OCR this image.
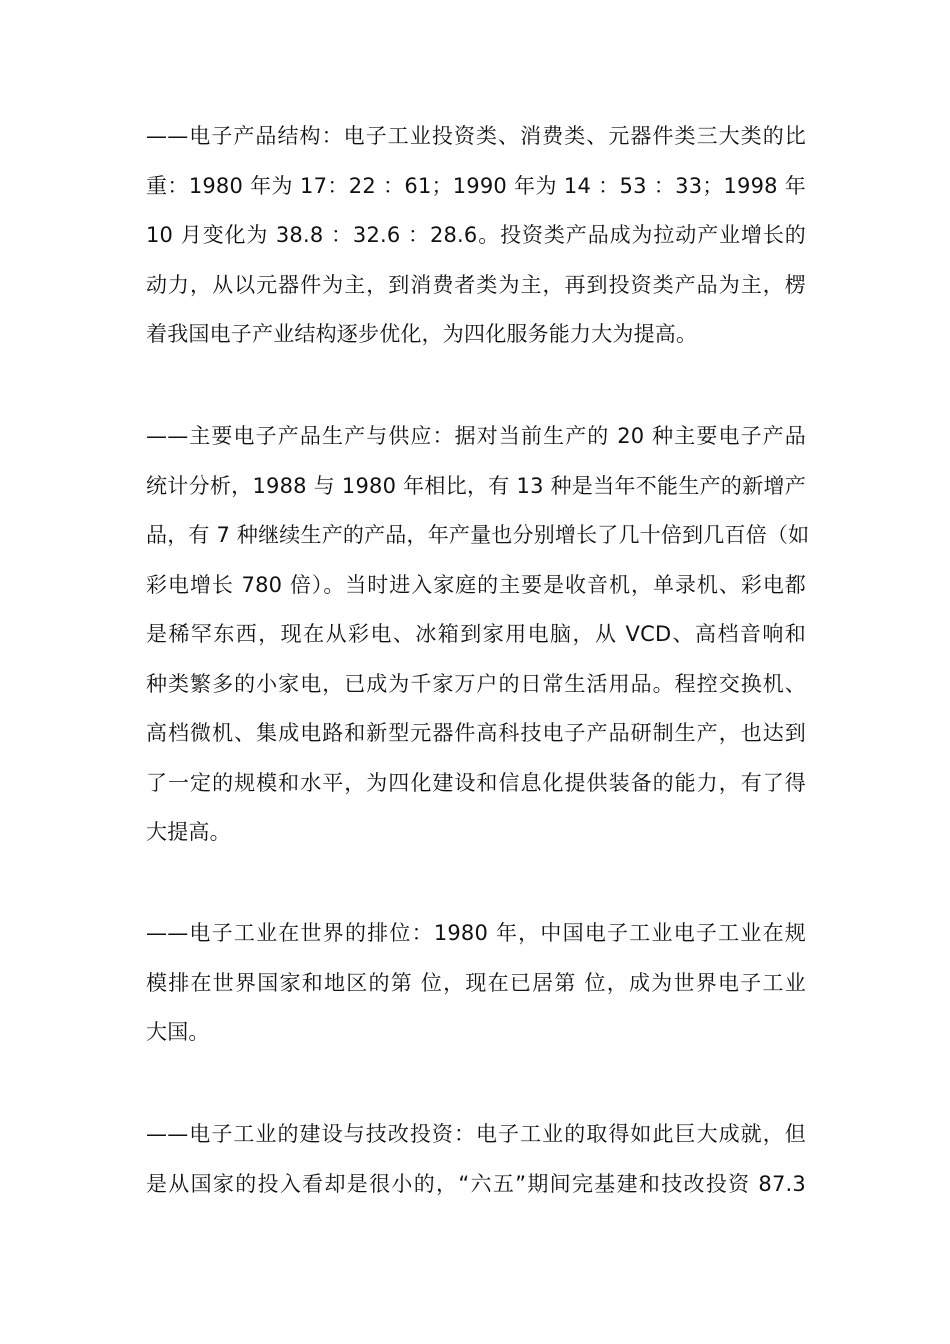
——电子产品结构：电子工业投资类、消费类、元器件类三大类的比
重：1980 年为 17：22 ：61；1990 年为 14 ：53 ：33；1998 年
10 月变化为 38.8 ：32.6 ：28.6。投资类产品成为拉动产业增长的
动力，从以元器件为主，到消费者类为主，再到投资类产品为主，楞
着我国电子产业结构逐步优化，为四化服务能力大为提高。
——主要电子产品生产与供应：据对当前生产的 20 种主要电子产品
统计分析，1988 与 1980 年相比，有 13 种是当年不能生产的新增产
品，有 7 种继续生产的产品，年产量也分别增长了几十倍到几百倍（如
彩电增长 780 倍）。当时进入家庭的主要是收音机，单录机、彩电都
是稀罕东西，现在从彩电、冰箱到家用电脑，从 VCD、高档音响和
种类繁多的小家电，已成为千家万户的日常生活用品。程控交换机、
高档微机、集成电路和新型元器件高科技电子产品研制生产，也达到
了一定的规模和水平，为四化建设和信息化提供装备的能力，有了得
大提高。
——电子工业在世界的排位：1980 年，中国电子工业电子工业在规
模排在世界国家和地区的第 位，现在已居第 位，成为世界电子工业
大国。
——电子工业的建设与技改投资：电子工业的取得如此巨大成就，但
是从国家的投入看却是很小的，“六五”期间完基建和技改投资 87.3
